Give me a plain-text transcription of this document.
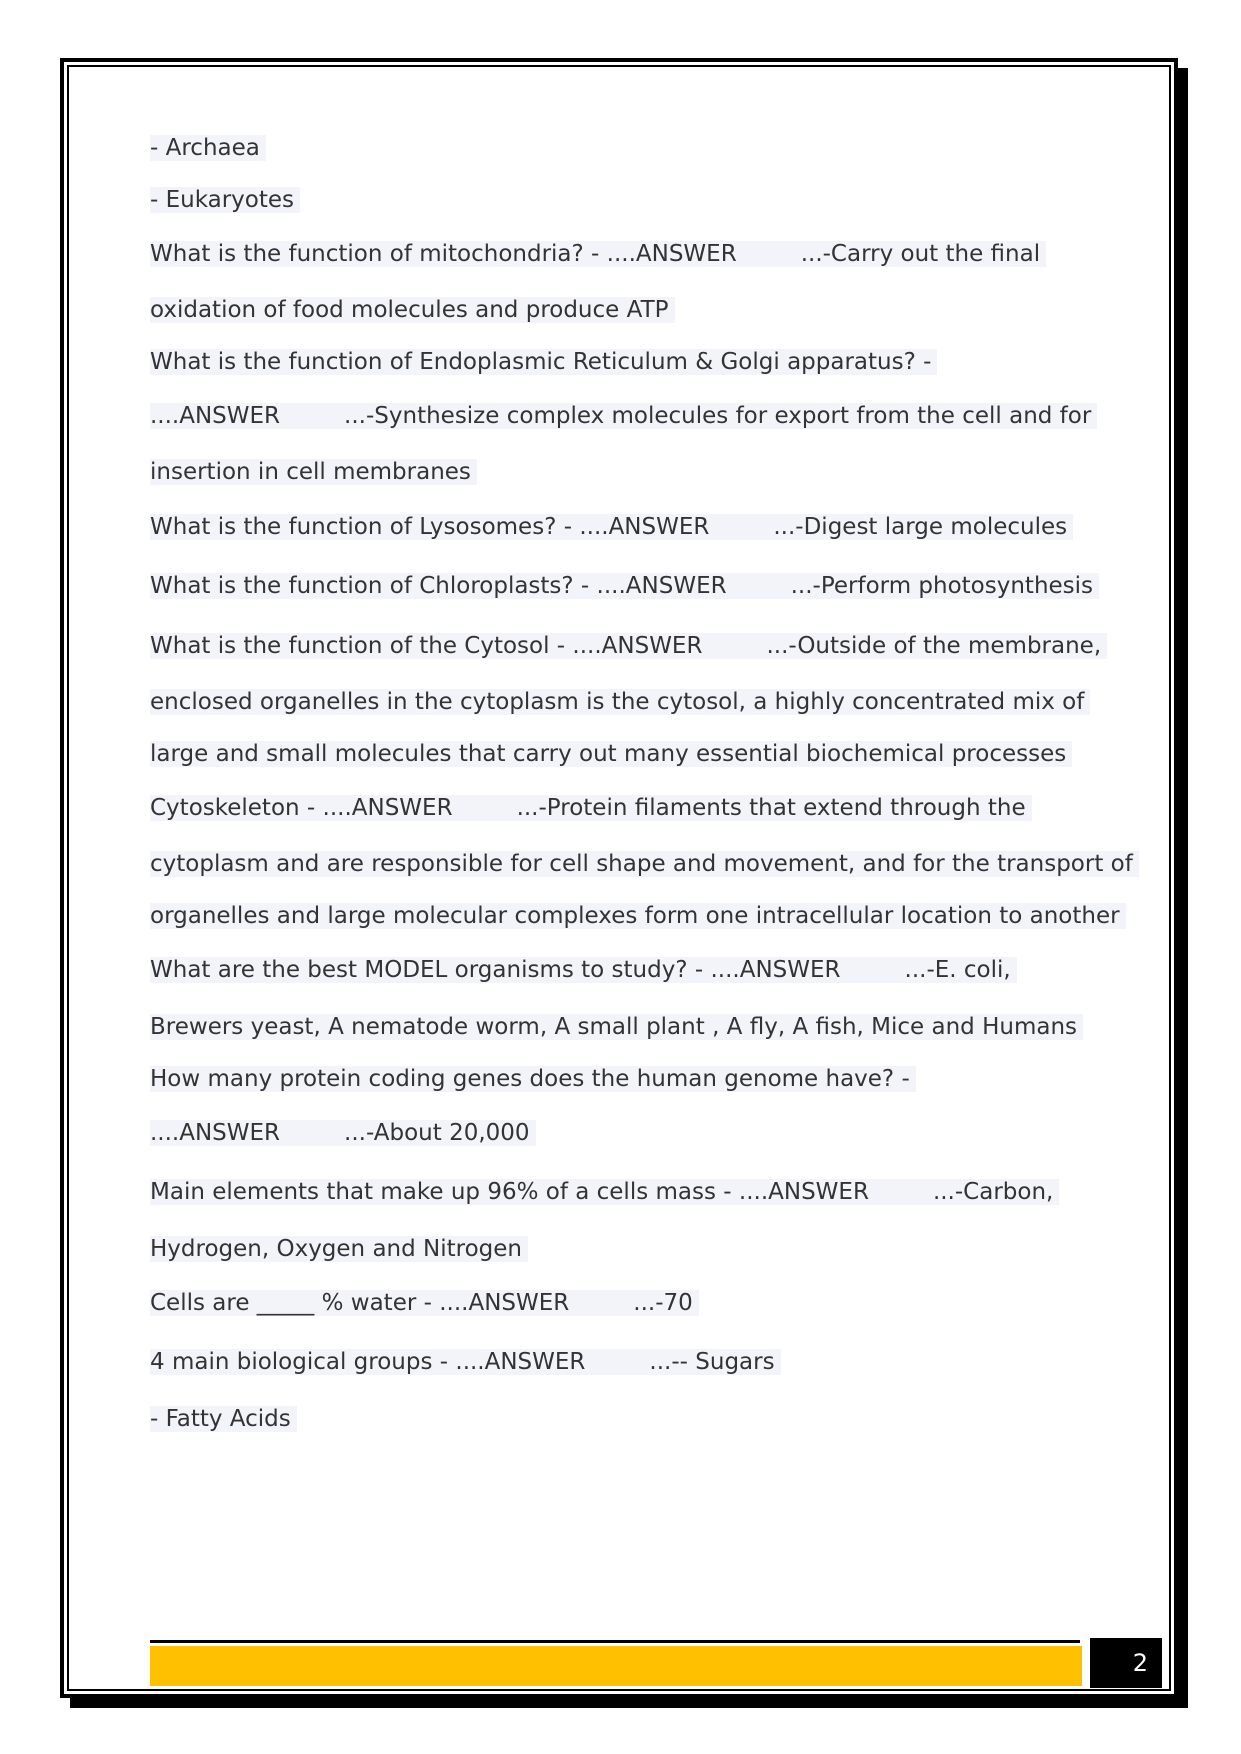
- Archaea
- Eukaryotes
What is the function of mitochondria? - ....ANSWER	...-Carry out the final
oxidation of food molecules and produce ATP
What is the function of Endoplasmic Reticulum & Golgi apparatus? -
....ANSWER	...-Synthesize complex molecules for export from the cell and for
insertion in cell membranes
What is the function of Lysosomes? - ....ANSWER	...-Digest large molecules
What is the function of Chloroplasts? - ....ANSWER	...-Perform photosynthesis
What is the function of the Cytosol - ....ANSWER	...-Outside of the membrane,
enclosed organelles in the cytoplasm is the cytosol, a highly concentrated mix of
large and small molecules that carry out many essential biochemical processes
Cytoskeleton - ....ANSWER	...-Protein filaments that extend through the
cytoplasm and are responsible for cell shape and movement, and for the transport of
organelles and large molecular complexes form one intracellular location to another
What are the best MODEL organisms to study? - ....ANSWER	...-E. coli,
Brewers yeast, A nematode worm, A small plant , A fly, A fish, Mice and Humans
How many protein coding genes does the human genome have? -
....ANSWER	...-About 20,000
Main elements that make up 96% of a cells mass - ....ANSWER	...-Carbon,
Hydrogen, Oxygen and Nitrogen
Cells are _____ % water - ....ANSWER	...-70
4 main biological groups - ....ANSWER	...-- Sugars
- Fatty Acids
2
